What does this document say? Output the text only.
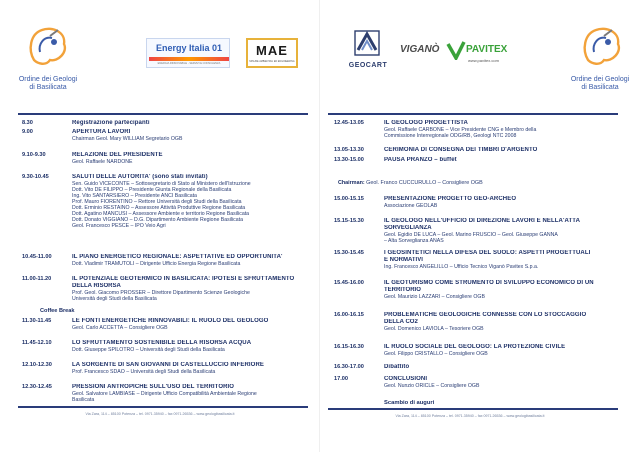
Ordine dei Geologi
di Basilicata
Energy Italia 01
ENERGIA RINNOVABILE - SERVIZI E CONSULENZA
MAE
MISURE AMBIENTALI ED ENGINEERING
8.30	Registrazione partecipanti
9.00	APERTURA LAVORI
Chairman Geol. Mary WILLIAM Segretario OGB
9.10-9.30	RELAZIONE DEL PRESIDENTE
Geol. Raffaele NARDONE
9.30-10.45	SALUTI DELLE AUTORITA' (sono stati invitati)
Sen. Guido VICECONTE – Sottosegretario di Stato al Ministero dell'Istruzione
Dott. Vito DE FILIPPO – Presidente Giunta Regionale della Basilicata
Ing. Vito SANTARSIERO – Presidente ANCI Basilicata
Prof. Mauro FIORENTINO – Rettore Università degli Studi della Basilicata
Dott. Erminio RESTAINO – Assessore Attività Produttive Regione Basilicata
Dott. Agatino MANCUSI – Assessore Ambiente e territorio Regione Basilicata
Dott. Donato VIGGIANO – D.G. Dipartimento Ambiente Regione Basilicata
Geol. Francesco PESCE – IPO Veio Agri
10.45-11.00	IL PIANO ENERGETICO REGIONALE: ASPETTATIVE ED OPPORTUNITA'
Dott. Vladimir TRAMUTOLI – Dirigente Ufficio Energia Regione Basilicata
11.00-11.20	IL POTENZIALE GEOTERMICO IN BASILICATA: IPOTESI E SFRUTTAMENTO
DELLA RISORSA
Prof. Geol. Giacomo PROSSER – Direttore Dipartimento Scienze Geologiche
Università degli Studi della Basilicata
Coffee Break
11.30-11.45	LE FONTI ENERGETICHE RINNOVABILI: IL RUOLO DEL GEOLOGO
Geol. Carlo ACCETTA – Consigliere OGB
11.45-12.10	LO SFRUTTAMENTO SOSTENIBILE DELLA RISORSA ACQUA
Dott. Giuseppe SPILOTRO – Università degli Studi della Basilicata
12.10-12.30	LA SORGENTE DI SAN GIOVANNI DI CASTELLUCCIO INFERIORE
Prof. Francesco SDAO – Università degli Studi della Basilicata
12.30-12.45	PRESSIONI ANTROPICHE SULL'USO DEL TERRITORIO
Geol. Salvatore LAMBIASE – Dirigente Ufficio Compatibilità Ambientale Regione
Basilicata
Via Zara, 114 – 85100 Potenza – tel. 0971.35940 – fax 0971.26536 – www.geologibasilicata.it
GEOCART
VIGANÒ	PAVITEX
www.pavitex.com
Ordine dei Geologi
di Basilicata
12.45-13.05	IL GEOLOGO PROGETTISTA
Geol. Raffaele CARBONE – Vice Presidente CNG e Membro della
Commissione Interregionale ODG/RB, Geologi NTC 2008
13.05-13.30	CERIMONIA DI CONSEGNA DEI TIMBRI D'ARGENTO
13.30-15.00	PAUSA PRANZO – buffet
Chairman: Geol. Franco CUCCURULLO – Consigliere OGB
15.00-15.15	PRESENTAZIONE PROGETTO GEO-ARCHEO
Associazione GEOLAB
15.15-15.30	IL GEOLOGO NELL'UFFICIO DI DIREZIONE LAVORI E NELLA'ATTA
SORVEGLIANZA
Geol. Egidio DE LUCA – Geol. Marino FRUSCIO – Geol. Giuseppe GANNA
– Alta Sorveglianza ANAS
15.30-15.45	I GEOSINTETICI NELLA DIFESA DEL SUOLO: ASPETTI PROGETTUALI
E NORMATIVI
Ing. Francesco ANGELILLO – Ufficio Tecnico Viganò Pavitex S.p.a.
15.45-16.00	IL GEOTURISMO COME STRUMENTO DI SVILUPPO ECONOMICO DI UN
TERRITORIO
Geol. Maurizio LAZZARI – Consigliere OGB
16.00-16.15	PROBLEMATICHE GEOLOGICHE CONNESSE CON LO STOCCAGGIO
DELLA CO2
Geol. Domenico LAVIOLA – Tesoriere OGB
16.15-16.30	IL RUOLO SOCIALE DEL GEOLOGO: LA PROTEZIONE CIVILE
Geol. Filippo CRISTALLO – Consigliere OGB
16.30-17.00	Dibattito
17.00	CONCLUSIONI
Geol. Nunzio ORICLE – Consigliere OGB
Scambio di auguri
Via Zara, 114 – 85100 Potenza – tel. 0971.35940 – fax 0971.26536 – www.geologibasilicata.it
